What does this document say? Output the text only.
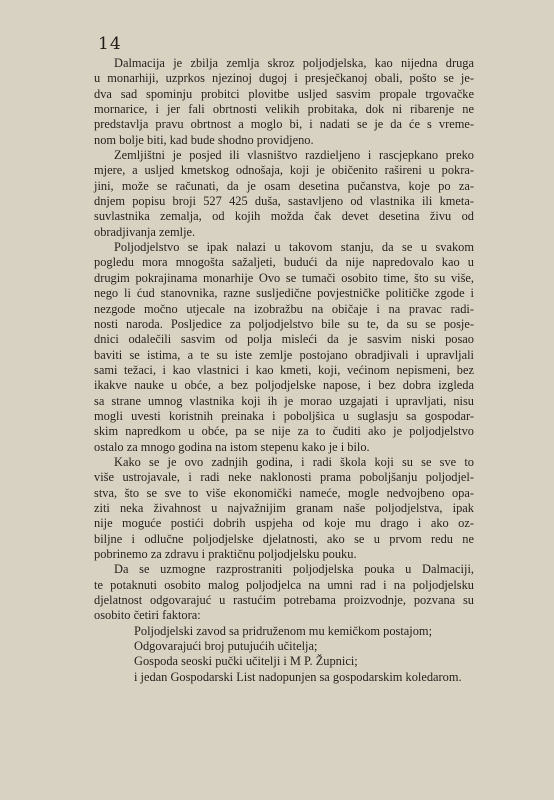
14
Dalmacija je zbilja zemlja skroz poljodjelska, kao nijedna druga
u monarhiji, uzprkos njezinoj dugoj i presječkanoj obali, pošto se je-
dva sad spominju probitci plovitbe usljed sasvim propale trgovačke
mornarice, i jer fali obrtnosti velikih probitaka, dok ni ribarenje ne
predstavlja pravu obrtnost a moglo bi, i nadati se je da će s vreme-
nom bolje biti, kad bude shodno providjeno.
Zemljištni je posjed ili vlasništvo razdieljeno i rascjepkano preko
mjere, a usljed kmetskog odnošaja, koji je običenito rašireni u pokra-
jini, može se računati, da je osam desetina pučanstva, koje po za-
dnjem popisu broji 527 425 duša, sastavljeno od vlastnika ili kmeta-
suvlastnika zemalja, od kojih možda čak devet desetina živu od
obradjivanja zemlje.
Poljodjelstvo se ipak nalazi u takovom stanju, da se u svakom
pogledu mora mnogošta sažaljeti, budući da nije napredovalo kao u
drugim pokrajinama monarhije Ovo se tumači osobito time, što su više,
nego li ćud stanovnika, razne susljedične povjestničke političke zgode i
nezgode močno utjecale na izobražbu na običaje i na pravac radi-
nosti naroda. Posljedice za poljodjelstvo bile su te, da su se posje-
dnici odalečili sasvim od polja misleći da je sasvim niski posao
baviti se istima, a te su iste zemlje postojano obradjivali i upravljali
sami težaci, i kao vlastnici i kao kmeti, koji, većinom nepismeni, bez
ikakve nauke u obće, a bez poljodjelske napose, i bez dobra izgleda
sa strane umnog vlastnika koji ih je morao uzgajati i upravljati, nisu
mogli uvesti koristnih preinaka i poboljšica u suglasju sa gospodar-
skim napredkom u obće, pa se nije za to čuditi ako je poljodjelstvo
ostalo za mnogo godina na istom stepenu kako je i bilo.
Kako se je ovo zadnjih godina, i radi škola koji su se sve to
više ustrojavale, i radi neke naklonosti prama poboljšanju poljodjel-
stva, što se sve to više ekonomički nameće, mogle nedvojbeno opa-
ziti neka živahnost u najvažnijim granam naše poljodjelstva, ipak
nije moguće postići dobrih uspjeha od koje mu drago i ako oz-
biljne i odlučne poljodjelske djelatnosti, ako se u prvom redu ne
pobrinemo za zdravu i praktičnu poljodjelsku pouku.
Da se uzmogne razprostraniti poljodjelska pouka u Dalmaciji,
te potaknuti osobito malog poljodjelca na umni rad i na poljodjelsku
djelatnost odgovarajuć u rastućim potrebama proizvodnje, pozvana su
osobito četiri faktora:
Poljodjelski zavod sa pridruženom mu kemičkom postajom;
Odgovarajući broj putujućih učitelja;
Gospoda seoski pučki učitelji i M P. Župnici;
i jedan Gospodarski List nadopunjen sa gospodarskim koledarom.
